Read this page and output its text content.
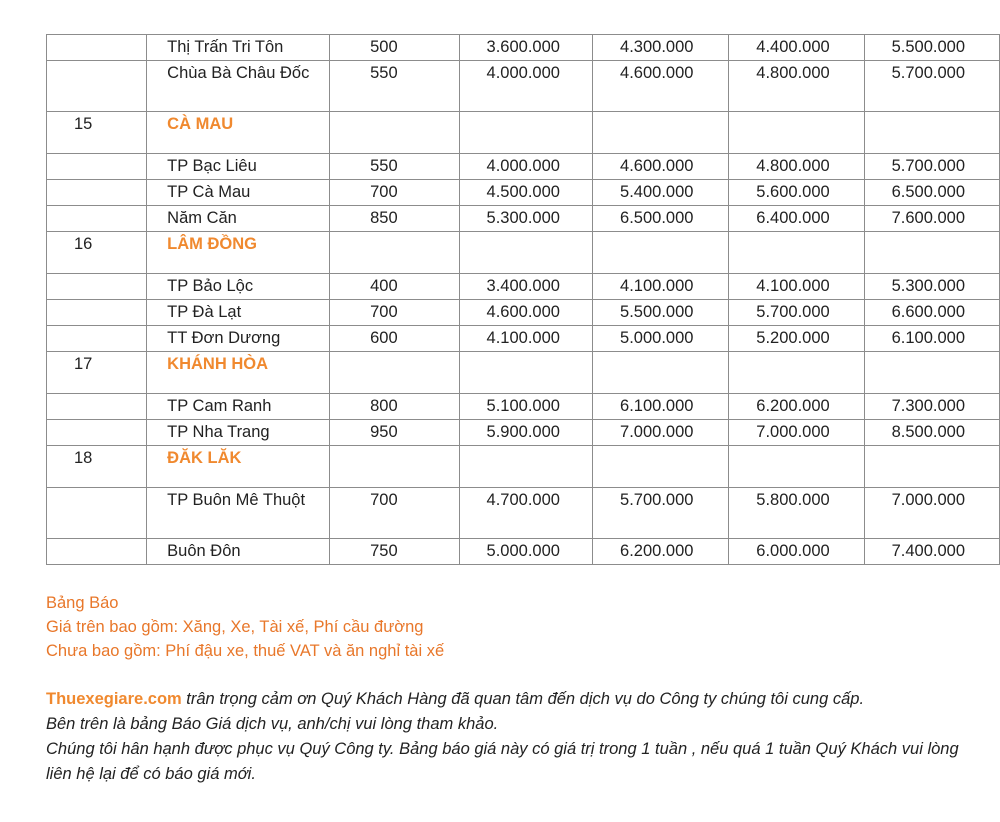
	Thị Trấn Tri Tôn	500	3.600.000	4.300.000	4.400.000	5.500.000
	Chùa Bà Châu Đốc	550	4.000.000	4.600.000	4.800.000	5.700.000
15	CÀ MAU					
	TP Bạc Liêu	550	4.000.000	4.600.000	4.800.000	5.700.000
	TP Cà Mau	700	4.500.000	5.400.000	5.600.000	6.500.000
	Năm Căn	850	5.300.000	6.500.000	6.400.000	7.600.000
16	LÂM ĐỒNG					
	TP Bảo Lộc	400	3.400.000	4.100.000	4.100.000	5.300.000
	TP Đà Lạt	700	4.600.000	5.500.000	5.700.000	6.600.000
	TT Đơn Dương	600	4.100.000	5.000.000	5.200.000	6.100.000
17	KHÁNH HÒA					
	TP Cam Ranh	800	5.100.000	6.100.000	6.200.000	7.300.000
	TP Nha Trang	950	5.900.000	7.000.000	7.000.000	8.500.000
18	ĐĂK LĂK					
	TP Buôn Mê Thuột	700	4.700.000	5.700.000	5.800.000	7.000.000
	Buôn Đôn	750	5.000.000	6.200.000	6.000.000	7.400.000
Bảng Báo
Giá trên bao gồm: Xăng, Xe, Tài xế, Phí cầu đường
Chưa bao gồm: Phí đậu xe, thuế VAT và ăn nghỉ tài xế
Thuexegiare.com trân trọng cảm ơn Quý Khách Hàng đã quan tâm đến dịch vụ do Công ty chúng tôi cung cấp.
Bên trên là bảng Báo Giá dịch vụ, anh/chị vui lòng tham khảo.
Chúng tôi hân hạnh được phục vụ Quý Công ty. Bảng báo giá này có giá trị trong 1 tuần , nếu quá 1 tuần Quý Khách vui lòng liên hệ lại để có báo giá mới.
